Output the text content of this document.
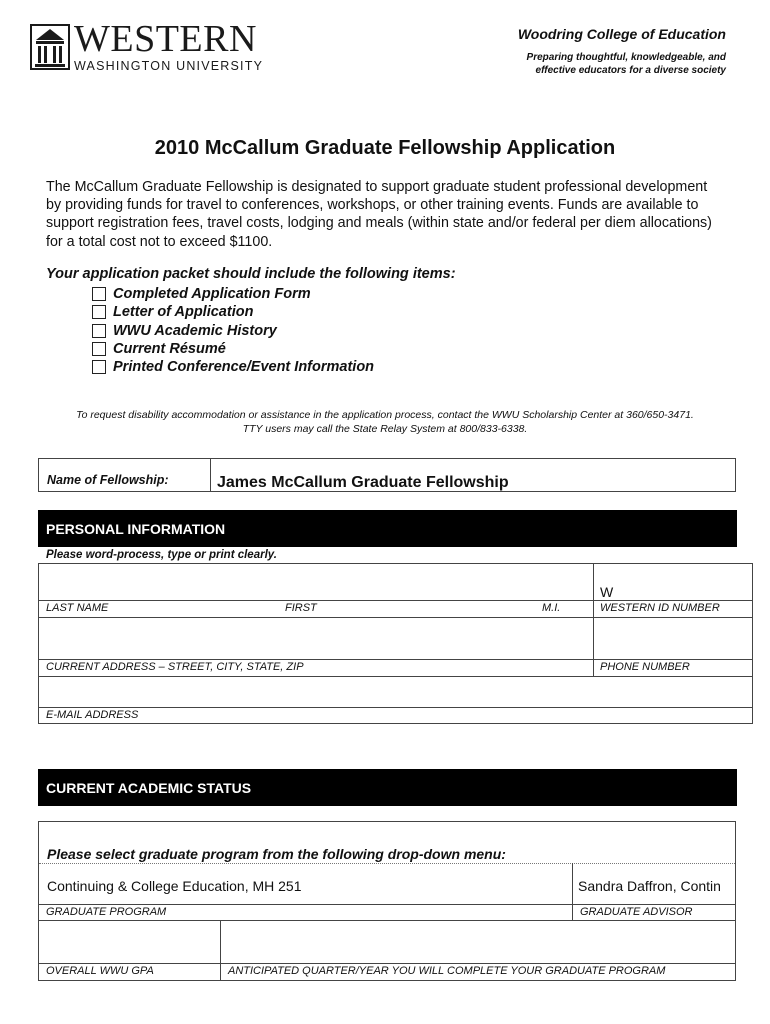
WESTERN
WASHINGTON UNIVERSITY
Woodring College of Education
Preparing thoughtful, knowledgeable, and
effective educators for a diverse society
2010 McCallum Graduate Fellowship Application
The McCallum Graduate Fellowship is designated to support graduate student professional development by providing funds for travel to conferences, workshops, or other training events. Funds are available to support registration fees, travel costs, lodging and meals (within state and/or federal per diem allocations) for a total cost not to exceed $1100.
Your application packet should include the following items:
Completed Application Form
Letter of Application
WWU Academic History
Current Résumé
Printed Conference/Event Information
To request disability accommodation or assistance in the application process, contact the WWU Scholarship Center at 360/650-3471.
TTY users may call the State Relay System at 800/833-6338.
Name of Fellowship:	James McCallum Graduate Fellowship
PERSONAL INFORMATION
Please word-process, type or print clearly.
W
LAST NAME	FIRST	M.I.	WESTERN ID NUMBER
CURRENT ADDRESS – STREET, CITY, STATE, ZIP	PHONE NUMBER
E-MAIL ADDRESS
CURRENT ACADEMIC STATUS
Please select graduate program from the following drop-down menu:
Continuing & College Education, MH 251	Sandra Daffron, Contin
GRADUATE PROGRAM	GRADUATE ADVISOR
OVERALL WWU GPA	ANTICIPATED QUARTER/YEAR YOU WILL COMPLETE YOUR GRADUATE PROGRAM
